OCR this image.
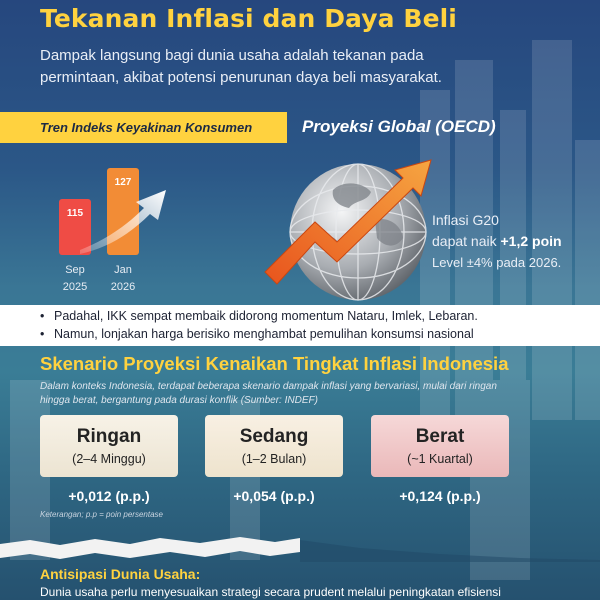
Tekanan Inflasi dan Daya Beli
Dampak langsung bagi dunia usaha adalah tekanan pada
permintaan, akibat potensi penurunan daya beli masyarakat.
Tren Indeks Keyakinan Konsumen
115
127
Sep
2025
Jan
2026
Proyeksi Global (OECD)
Inflasi G20
dapat naik +1,2 poin
Level ±4% pada 2026.
• Padahal, IKK sempat membaik didorong momentum Nataru, Imlek, Lebaran.
• Namun, lonjakan harga berisiko menghambat pemulihan konsumsi nasional
Skenario Proyeksi Kenaikan Tingkat Inflasi Indonesia
Dalam konteks Indonesia, terdapat beberapa skenario dampak inflasi yang bervariasi, mulai dari ringan
hingga berat, bergantung pada durasi konflik (Sumber: INDEF)
Ringan
(2–4 Minggu)
Sedang
(1–2 Bulan)
Berat
(~1 Kuartal)
+0,012 (p.p.)	+0,054 (p.p.)	+0,124 (p.p.)
Keterangan; p.p = poin persentase
Antisipasi Dunia Usaha:
Dunia usaha perlu menyesuaikan strategi secara prudent melalui peningkatan efisiensi
